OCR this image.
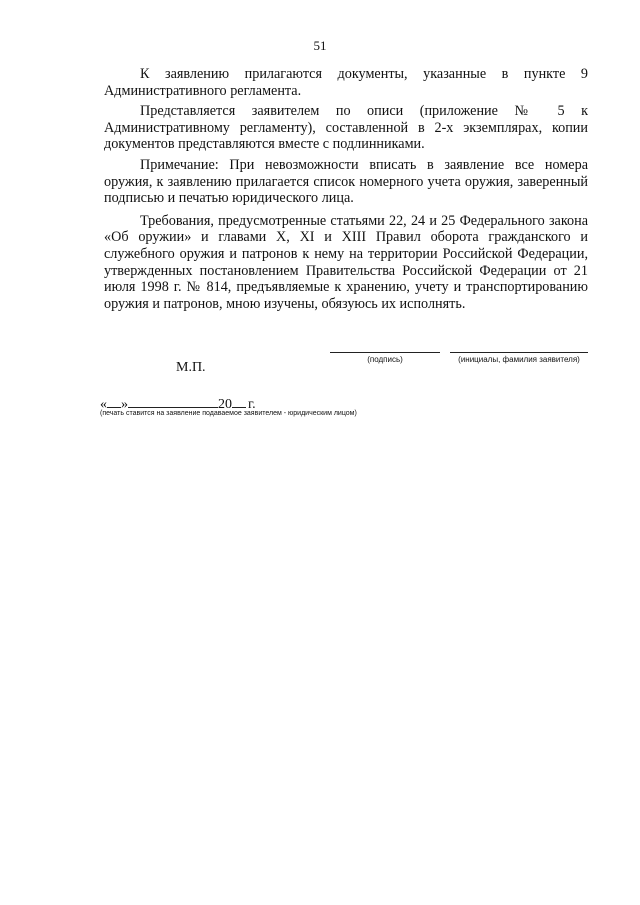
51

К заявлению прилагаются документы, указанные в пункте 9 Административного регламента.

Представляется заявителем по описи (приложение № 5 к Административному регламенту), составленной в 2-х экземплярах, копии документов представляются вместе с подлинниками.

Примечание: При невозможности вписать в заявление все номера оружия, к заявлению прилагается список номерного учета оружия, заверенный подписью и печатью юридического лица.

Требования, предусмотренные статьями 22, 24 и 25 Федерального закона «Об оружии» и главами X, XI и XIII Правил оборота гражданского и служебного оружия и патронов к нему на территории Российской Федерации, утвержденных постановлением Правительства Российской Федерации от 21 июля 1998 г. № 814, предъявляемые к хранению, учету и транспортированию оружия и патронов, мною изучены, обязуюсь их исполнять.

(подпись)	(инициалы, фамилия заявителя)
М.П.
« »	20 г.
(печать ставится на заявление подаваемое заявителем - юридическим лицом)
